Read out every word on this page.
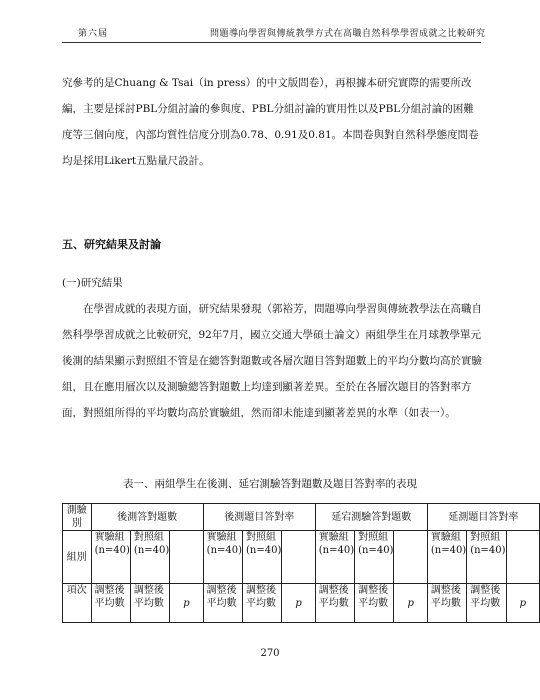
第六屆	問題導向學習與傳統教學方式在高職自然科學學習成就之比較研究
究參考的是Chuang & Tsai（in press）的中文版問卷），再根據本研究實際的需要所改編，主要是採討PBL分組討論的參與度、PBL分組討論的實用性以及PBL分組討論的困難度等三個向度，內部均質性信度分別為0.78、0.91及0.81。本問卷與對自然科學態度問卷均是採用Likert五點量尺設計。
五、研究結果及討論
(一)研究結果
在學習成就的表現方面，研究結果發現（郭裕芳，問題導向學習與傳統教學法在高職自然科學學習成就之比較研究，92年7月，國立交通大學碩士論文）兩組學生在月球教學單元後測的結果顯示對照組不管是在總答對題數或各層次題目答對題數上的平均分數均高於實驗組，且在應用層次以及測驗總答對題數上均達到顯著差異。至於在各層次題目的答對率方面，對照組所得的平均數均高於實驗組，然而卻未能達到顯著差異的水準（如表一）。
表一、兩組學生在後測、延宕測驗答對題數及題目答對率的表現
測驗別	後測答對題數			後測題目答對率			延宕測驗答對題數			延測題目答對率		
組別	實驗組 (n=40)	對照組 (n=40)		實驗組 (n=40)	對照組 (n=40)		實驗組 (n=40)	對照組 (n=40)		實驗組 (n=40)	對照組 (n=40)	
項次	調整後平均數	調整後平均數	p	調整後平均數	調整後平均數	p	調整後平均數	調整後平均數	p	調整後平均數	調整後平均數	p
270
